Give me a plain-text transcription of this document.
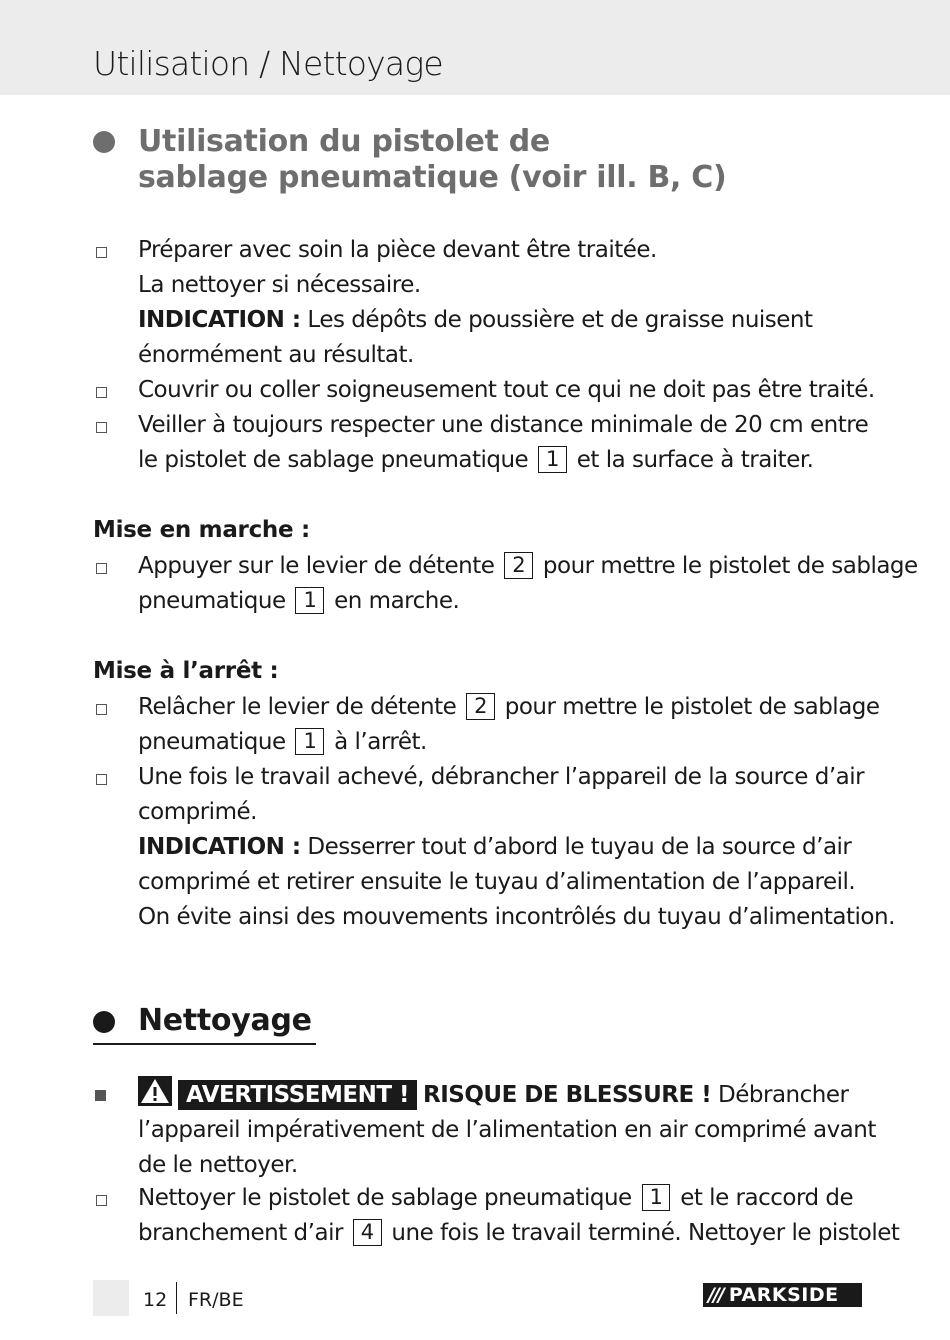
Utilisation / Nettoyage
Utilisation du pistolet de
sablage pneumatique (voir ill. B, C)

Préparer avec soin la pièce devant être traitée.

La nettoyer si nécessaire.

INDICATION : Les dépôts de poussière et de graisse nuisent

énormément au résultat.

Couvrir ou coller soigneusement tout ce qui ne doit pas être traité.

Veiller à toujours respecter une distance minimale de 20 cm entre

le pistolet de sablage pneumatique 1 et la surface à traiter.

Mise en marche :

Appuyer sur le levier de détente 2 pour mettre le pistolet de sablage

pneumatique 1 en marche.

Mise à l’arrêt :

Relâcher le levier de détente 2 pour mettre le pistolet de sablage

pneumatique 1 à l’arrêt.

Une fois le travail achevé, débrancher l’appareil de la source d’air

comprimé.

INDICATION : Desserrer tout d’abord le tuyau de la source d’air

comprimé et retirer ensuite le tuyau d’alimentation de l’appareil.

On évite ainsi des mouvements incontrôlés du tuyau d’alimentation.

Nettoyage

AVERTISSEMENT ! RISQUE DE BLESSURE ! Débrancher

l’appareil impérativement de l’alimentation en air comprimé avant

de le nettoyer.

Nettoyer le pistolet de sablage pneumatique 1 et le raccord de

branchement d’air 4 une fois le travail terminé. Nettoyer le pistolet

12 FR/BE	/// PARKSIDE
